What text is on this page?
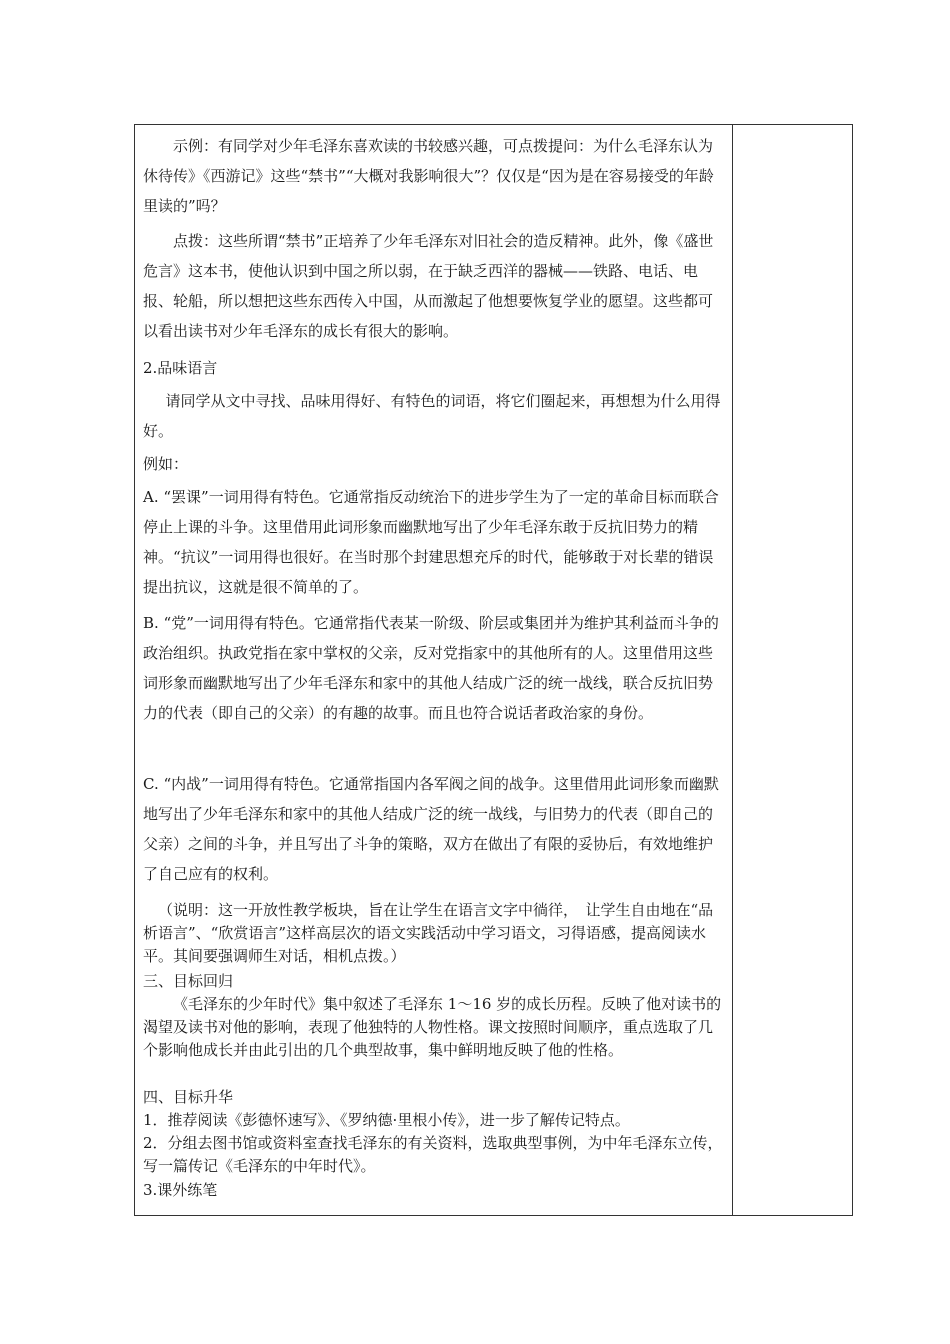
示例：有同学对少年毛泽东喜欢读的书较感兴趣，可点拨提问：为什么毛泽东认为休待传》《西游记》这些“禁书”“大概对我影响很大”？仅仅是“因为是在容易接受的年龄里读的”吗？

点拨：这些所谓“禁书”正培养了少年毛泽东对旧社会的造反精神。此外，像《盛世危言》这本书，使他认识到中国之所以弱，在于缺乏西洋的器械——铁路、电话、电报、轮船，所以想把这些东西传入中国，从而激起了他想要恢复学业的愿望。这些都可以看出读书对少年毛泽东的成长有很大的影响。

2.品味语言

请同学从文中寻找、品味用得好、有特色的词语，将它们圈起来，再想想为什么用得好。

例如：

A. “罢课”一词用得有特色。它通常指反动统治下的进步学生为了一定的革命目标而联合停止上课的斗争。这里借用此词形象而幽默地写出了少年毛泽东敢于反抗旧势力的精神。“抗议”一词用得也很好。在当时那个封建思想充斥的时代，能够敢于对长辈的错误提出抗议，这就是很不简单的了。

B. “党”一词用得有特色。它通常指代表某一阶级、阶层或集团并为维护其利益而斗争的政治组织。执政党指在家中掌权的父亲，反对党指家中的其他所有的人。这里借用这些词形象而幽默地写出了少年毛泽东和家中的其他人结成广泛的统一战线，联合反抗旧势力的代表（即自己的父亲）的有趣的故事。而且也符合说话者政治家的身份。

C. “内战”一词用得有特色。它通常指国内各军阀之间的战争。这里借用此词形象而幽默地写出了少年毛泽东和家中的其他人结成广泛的统一战线，与旧势力的代表（即自己的父亲）之间的斗争，并且写出了斗争的策略，双方在做出了有限的妥协后，有效地维护了自己应有的权利。

（说明：这一开放性教学板块，旨在让学生在语言文字中徜徉，　让学生自由地在“品析语言”、“欣赏语言”这样高层次的语文实践活动中学习语文，习得语感，提高阅读水平。其间要强调师生对话，相机点拨。）

三、目标回归

《毛泽东的少年时代》集中叙述了毛泽东 1～16 岁的成长历程。反映了他对读书的渴望及读书对他的影响，表现了他独特的人物性格。课文按照时间顺序，重点选取了几个影响他成长并由此引出的几个典型故事，集中鲜明地反映了他的性格。

四、目标升华

1．推荐阅读《彭德怀速写》、《罗纳德·里根小传》，进一步了解传记特点。

2．分组去图书馆或资料室查找毛泽东的有关资料，选取典型事例，为中年毛泽东立传，写一篇传记《毛泽东的中年时代》。

3.课外练笔
